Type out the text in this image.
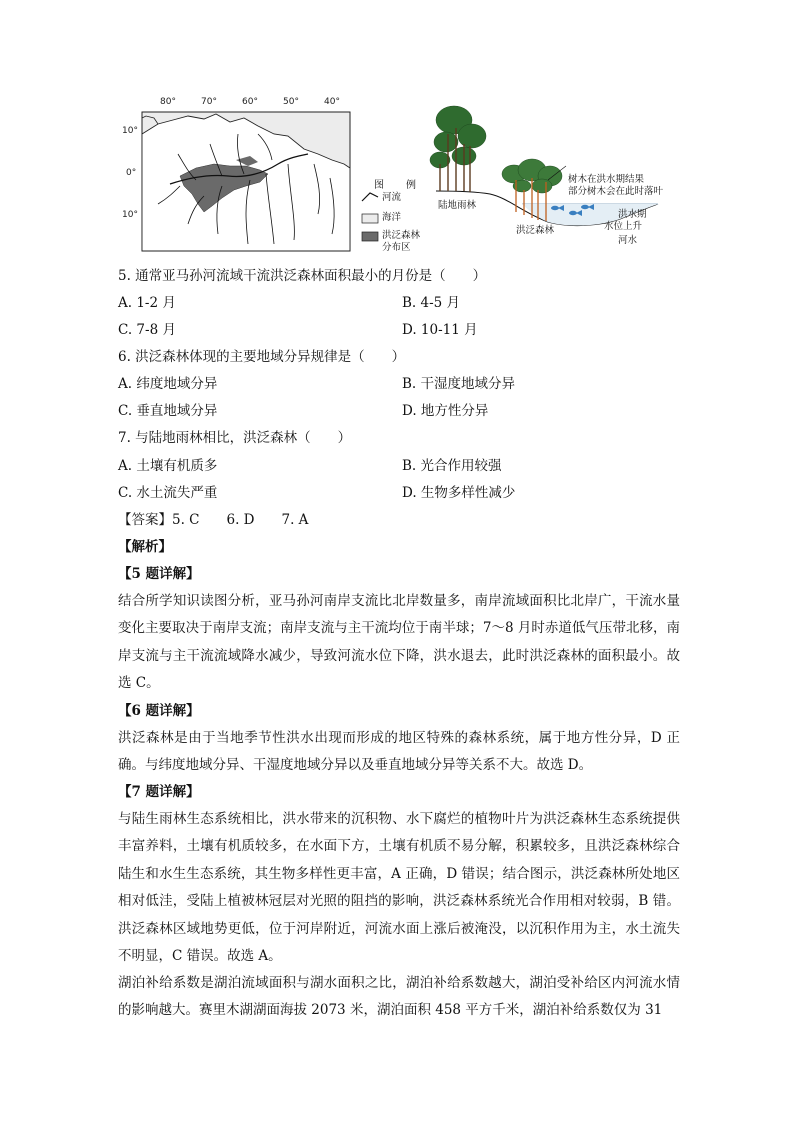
80°	70°	60°	50°	40°
10°
0°
10°
图　例
河流
海洋
洪泛森林
分布区
陆地雨林
洪泛森林
树木在洪水期结果
部分树木会在此时落叶
洪水期
水位上升
河水
5. 通常亚马孙河流域干流洪泛森林面积最小的月份是（　　）
A. 1-2 月	B. 4-5 月
C. 7-8 月	D. 10-11 月
6. 洪泛森林体现的主要地域分异规律是（　　）
A. 纬度地域分异	B. 干湿度地域分异
C. 垂直地域分异	D. 地方性分异
7. 与陆地雨林相比，洪泛森林（　　）
A. 土壤有机质多	B. 光合作用较强
C. 水土流失严重	D. 生物多样性减少
【答案】5. C　　6. D　　7. A
【解析】
【5 题详解】
结合所学知识读图分析，亚马孙河南岸支流比北岸数量多，南岸流域面积比北岸广，干流水量变化主要取决于南岸支流；南岸支流与主干流均位于南半球；7～8 月时赤道低气压带北移，南岸支流与主干流流域降水减少，导致河流水位下降，洪水退去，此时洪泛森林的面积最小。故选 C。
【6 题详解】
洪泛森林是由于当地季节性洪水出现而形成的地区特殊的森林系统，属于地方性分异，D 正确。与纬度地域分异、干湿度地域分异以及垂直地域分异等关系不大。故选 D。
【7 题详解】
与陆生雨林生态系统相比，洪水带来的沉积物、水下腐烂的植物叶片为洪泛森林生态系统提供丰富养料，土壤有机质较多，在水面下方，土壤有机质不易分解，积累较多，且洪泛森林综合陆生和水生生态系统，其生物多样性更丰富，A 正确，D 错误；结合图示，洪泛森林所处地区相对低洼，受陆上植被林冠层对光照的阻挡的影响，洪泛森林系统光合作用相对较弱，B 错。洪泛森林区域地势更低，位于河岸附近，河流水面上涨后被淹没，以沉积作用为主，水土流失不明显，C 错误。故选 A。
湖泊补给系数是湖泊流域面积与湖水面积之比，湖泊补给系数越大，湖泊受补给区内河流水情的影响越大。赛里木湖湖面海拔 2073 米，湖泊面积 458 平方千米，湖泊补给系数仅为 31
